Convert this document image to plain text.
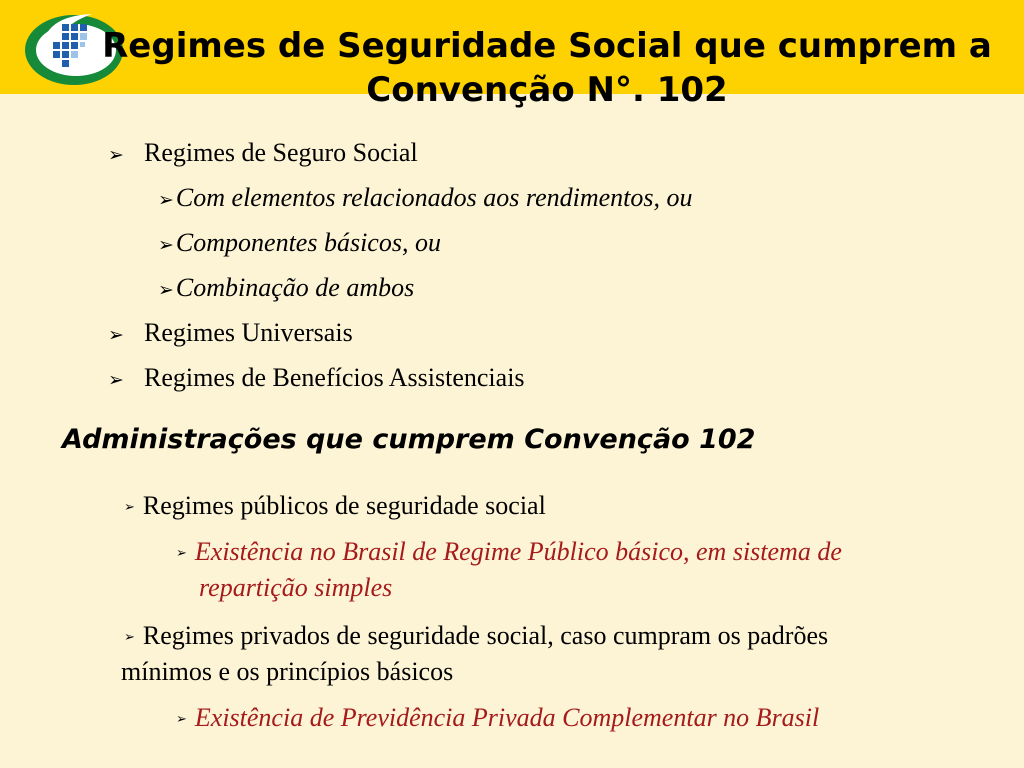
Regimes de Seguridade Social que cumprem a
Convenção N°. 102
➢ Regimes de Seguro Social
➢Com elementos relacionados aos rendimentos, ou
➢Componentes básicos, ou
➢Combinação de ambos
➢ Regimes Universais
➢ Regimes de Benefícios Assistenciais
Administrações que cumprem Convenção 102
➢ Regimes públicos de seguridade social
➢ Existência no Brasil de Regime Público básico, em sistema de
repartição simples
➢ Regimes privados de seguridade social, caso cumpram os padrões
mínimos e os princípios básicos
➢ Existência de Previdência Privada Complementar no Brasil
